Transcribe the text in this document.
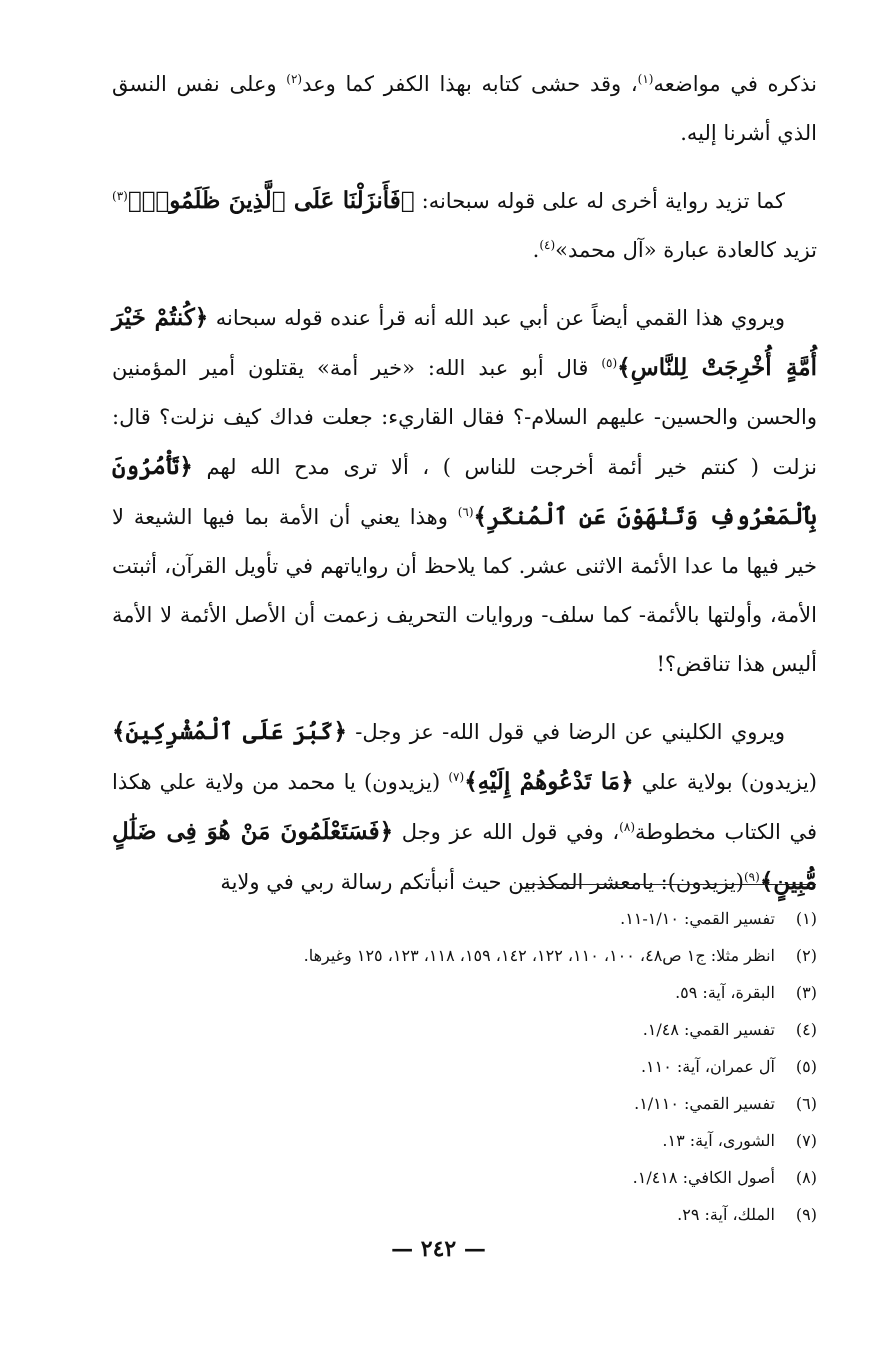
نذكره في مواضعه$^{(١)}$، وقد حشى كتابه بهذا الكفر كما وعد$^{(٢)}$ وعلى نفس النسق الذي أشرنا إليه.

كما تزيد رواية أخرى له على قوله سبحانه: ﴿فَأَنزَلْنَا عَلَى ٱلَّذِينَ ظَلَمُوا۟﴾$^{(٣)}$ تزيد كالعادة عبارة «آل محمد»$^{(٤)}$.

ويروي هذا القمي أيضاً عن أبي عبد الله أنه قرأ عنده قوله سبحانه ﴿كُنتُمْ خَيْرَ أُمَّةٍ أُخْرِجَتْ لِلنَّاسِ﴾$^{(٥)}$ قال أبو عبد الله: «خير أمة» يقتلون أمير المؤمنين والحسن والحسين- عليهم السلام-؟ فقال القاريء: جعلت فداك كيف نزلت؟ قال: نزلت ( كنتم خير أئمة أخرجت للناس ) ، ألا ترى مدح الله لهم ﴿تَأْمُرُونَ بِٱلْمَعْرُوفِ وَتَنْهَوْنَ عَنِ ٱلْمُنكَرِ﴾$^{(٦)}$ وهذا يعني أن الأمة بما فيها الشيعة لا خير فيها ما عدا الأئمة الاثنى عشر. كما يلاحظ أن رواياتهم في تأويل القرآن، أثبتت الأمة، وأولتها بالأئمة- كما سلف- وروايات التحريف زعمت أن الأصل الأئمة لا الأمة أليس هذا تناقض؟!

ويروي الكليني عن الرضا في قول الله- عز وجل- ﴿كَبُرَ عَلَى ٱلْمُشْرِكِينَ﴾ (يزيدون) بولاية علي ﴿مَا تَدْعُوهُمْ إِلَيْهِ﴾$^{(٧)}$ (يزيدون) يا محمد من ولاية علي هكذا في الكتاب مخطوطة$^{(٨)}$، وفي قول الله عز وجل ﴿فَسَتَعْلَمُونَ مَنْ هُوَ فِى ضَلَٰلٍ مُّبِينٍ﴾$^{(٩)}$(يزيدون): يامعشر المكذبين حيث أنبأتكم رسالة ربي في ولاية

(١)تفسير القمي: ١/١٠-١١.
(٢)انظر مثلا: ج١ ص٤٨، ١٠٠، ١١٠، ١٢٢، ١٤٢، ١٥٩، ١١٨، ١٢٣، ١٢٥ وغيرها.
(٣)البقرة، آية: ٥٩.
(٤)تفسير القمي: ١/٤٨.
(٥)آل عمران، آية: ١١٠.
(٦)تفسير القمي: ١/١١٠.
(٧)الشورى، آية: ١٣.
(٨)أصول الكافي: ١/٤١٨.
(٩)الملك، آية: ٢٩.
— ٢٤٢ —
